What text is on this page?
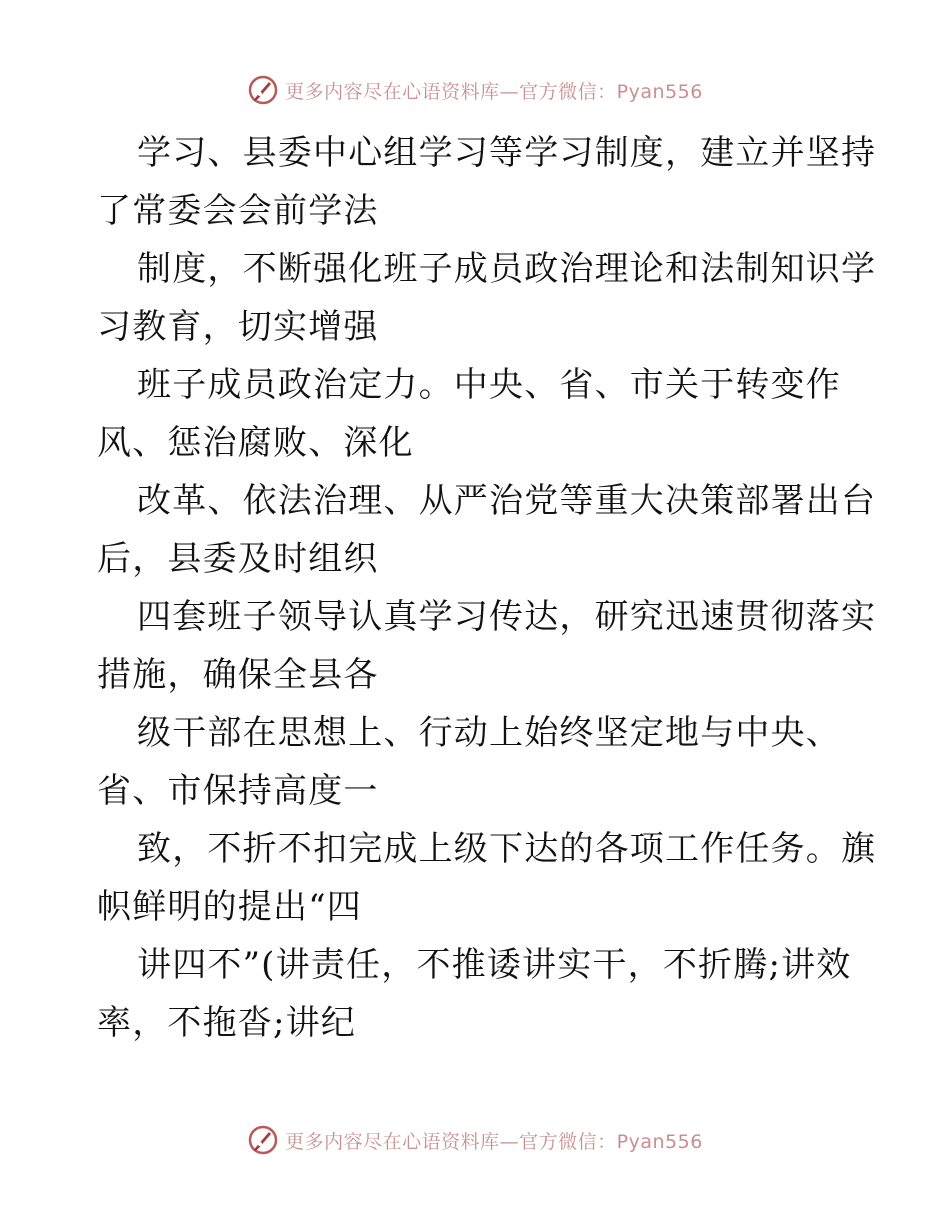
更多内容尽在心语资料库—官方微信：Pyan556
学习、县委中心组学习等学习制度，建立并坚持
了常委会会前学法
制度，不断强化班子成员政治理论和法制知识学
习教育，切实增强
班子成员政治定力。中央、省、市关于转变作
风、惩治腐败、深化
改革、依法治理、从严治党等重大决策部署出台
后，县委及时组织
四套班子领导认真学习传达，研究迅速贯彻落实
措施，确保全县各
级干部在思想上、行动上始终坚定地与中央、
省、市保持高度一
致，不折不扣完成上级下达的各项工作任务。旗
帜鲜明的提出“四
讲四不”(讲责任，不推诿讲实干，不折腾;讲效
率，不拖沓;讲纪
更多内容尽在心语资料库—官方微信：Pyan556
